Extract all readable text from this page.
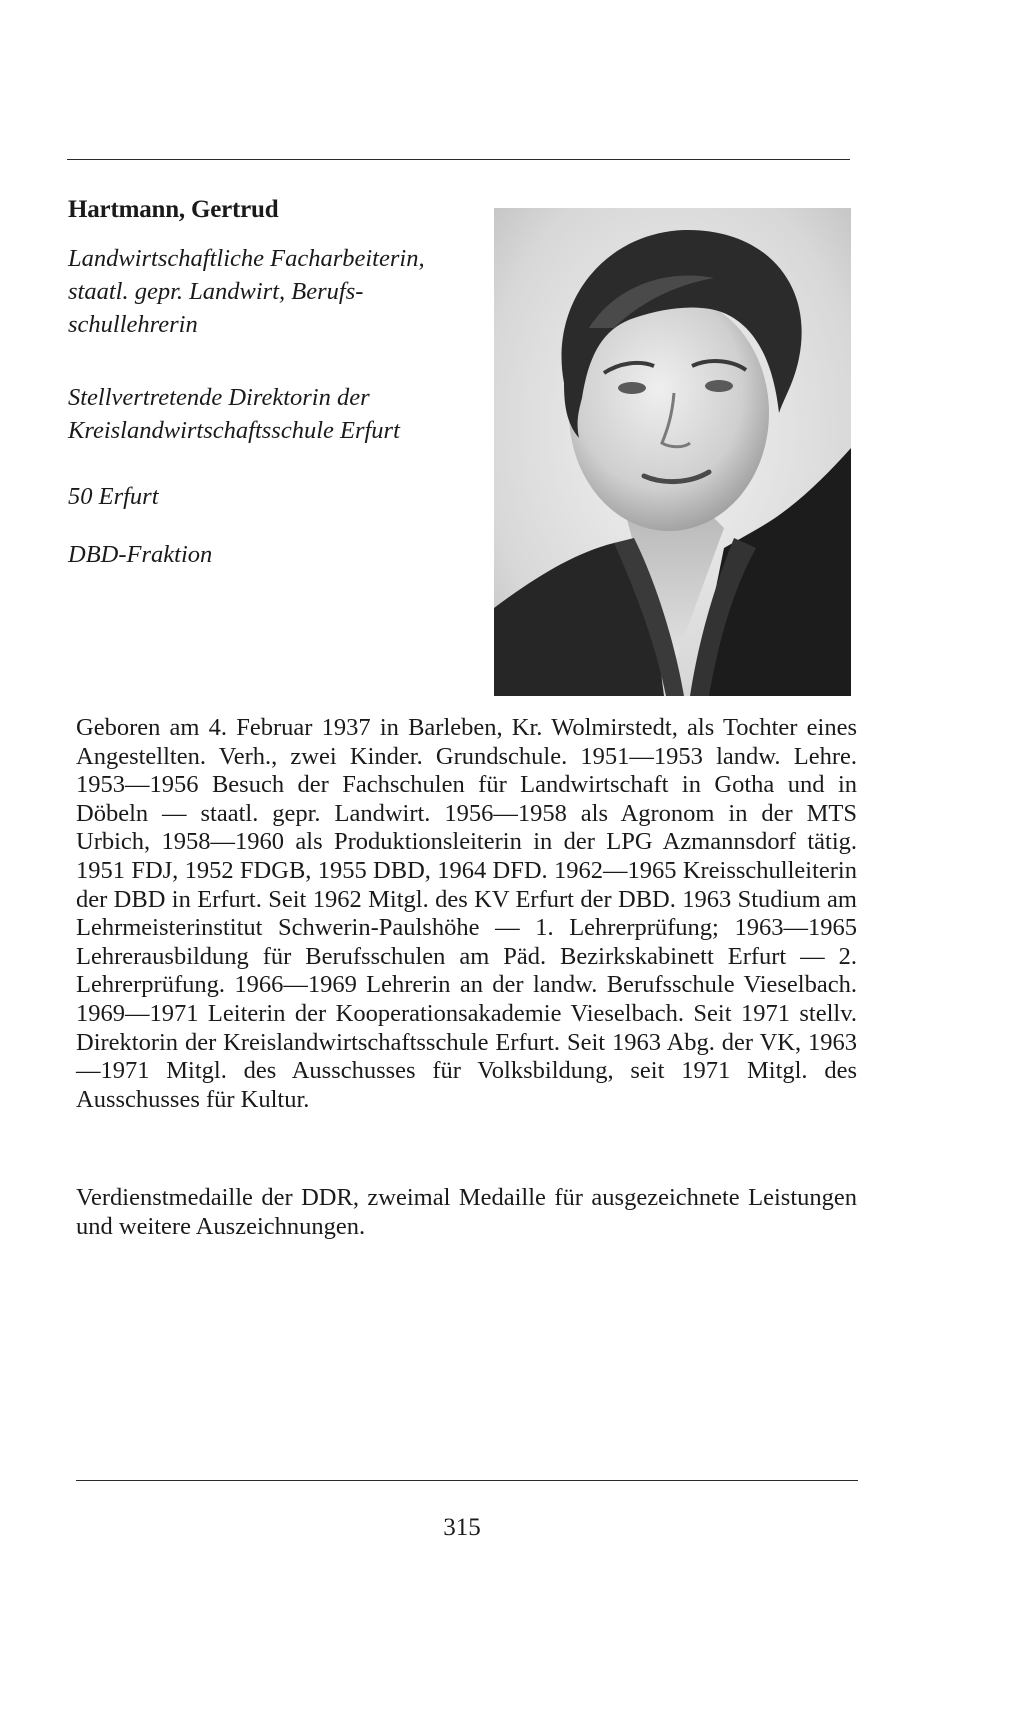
Hartmann, Gertrud

Landwirtschaftliche Facharbeiterin,
staatl. gepr. Landwirt, Berufs-
schullehrerin

Stellvertretende Direktorin der
Kreislandwirtschaftsschule Erfurt

50 Erfurt

DBD-Fraktion

Geboren am 4. Februar 1937 in Barleben, Kr. Wolmirstedt, als Tochter eines Angestellten. Verh., zwei Kinder. Grundschule. 1951—1953 landw. Lehre. 1953—1956 Besuch der Fachschulen für Landwirtschaft in Gotha und in Döbeln — staatl. gepr. Landwirt. 1956—1958 als Agronom in der MTS Urbich, 1958—1960 als Produktionsleiterin in der LPG Azmannsdorf tätig. 1951 FDJ, 1952 FDGB, 1955 DBD, 1964 DFD. 1962—1965 Kreisschulleiterin der DBD in Erfurt. Seit 1962 Mitgl. des KV Erfurt der DBD. 1963 Studium am Lehrmeisterinstitut Schwerin-Paulshöhe — 1. Lehrerprüfung; 1963—1965 Lehrerausbildung für Berufsschulen am Päd. Bezirkskabinett Erfurt — 2. Lehrerprüfung. 1966—1969 Lehrerin an der landw. Berufsschule Vieselbach. 1969—1971 Leiterin der Kooperationsakademie Vieselbach. Seit 1971 stellv. Direktorin der Kreislandwirtschaftsschule Erfurt. Seit 1963 Abg. der VK, 1963—1971 Mitgl. des Ausschusses für Volksbildung, seit 1971 Mitgl. des Ausschusses für Kultur.

Verdienstmedaille der DDR, zweimal Medaille für ausgezeichnete Leistungen und weitere Auszeichnungen.

315
